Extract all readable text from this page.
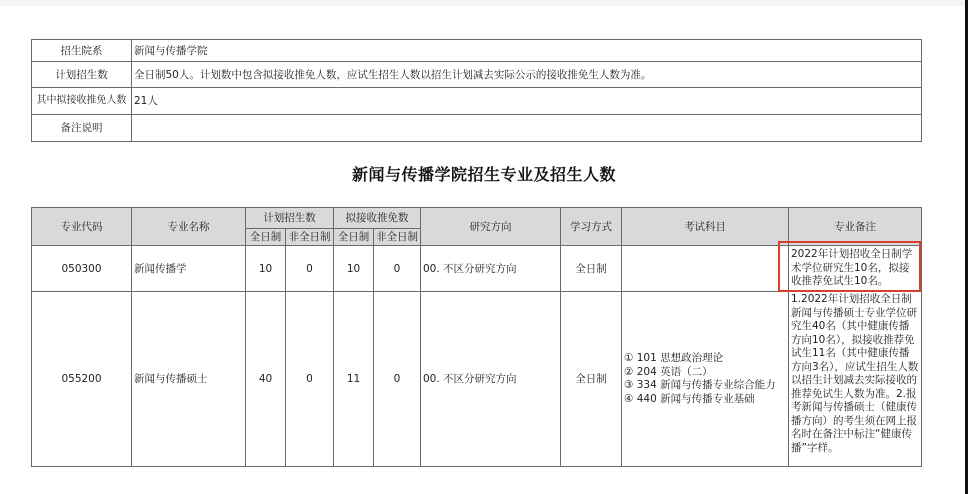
招生院系	新闻与传播学院
计划招生数	全日制50人。计划数中包含拟接收推免人数，应试生招生人数以招生计划减去实际公示的接收推免生人数为准。
其中拟接收推免人数	21人
备注说明	
新闻与传播学院招生专业及招生人数
专业代码	专业名称	计划招生数		拟接收推免数		研究方向	学习方式	考试科目	专业备注
		全日制	非全日制	全日制	非全日制				
050300	新闻传播学	10	0	10	0	00. 不区分研究方向	全日制		2022年计划招收全日制学术学位研究生10名，拟接收推荐免试生10名。
055200	新闻与传播硕士	40	0	11	0	00. 不区分研究方向	全日制	① 101 思想政治理论
② 204 英语（二）
③ 334 新闻与传播专业综合能力
④ 440 新闻与传播专业基础	1.2022年计划招收全日制新闻与传播硕士专业学位研究生40名（其中健康传播方向10名），拟接收推荐免试生11名（其中健康传播方向3名），应试生招生人数以招生计划减去实际接收的推荐免试生人数为准。2.报考新闻与传播硕士（健康传播方向）的考生须在网上报名时在备注中标注“健康传播”字样。
